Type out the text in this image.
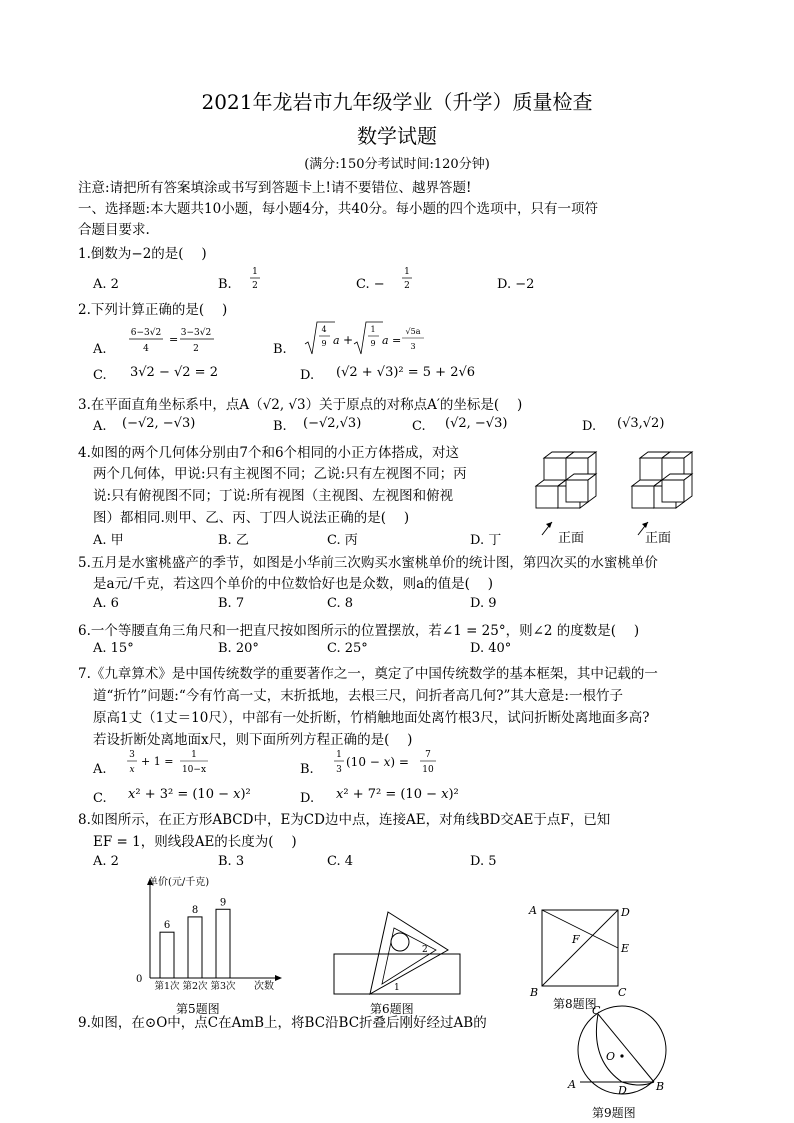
2021年龙岩市九年级学业（升学）质量检查
数学试题
(满分:150分考试时间:120分钟)
注意:请把所有答案填涂或书写到答题卡上!请不要错位、越界答题!
一、选择题:本大题共10小题，每小题4分，共40分。每小题的四个选项中，只有一项符
合题目要求.
1.倒数为−2的是(　 )
A. 2	B.
1
2	C. −
1
2	D. −2
2.下列计算正确的是(　 )
A.
6−3√2
4
= 3−3√2
2	B.
4
9 a +
1
9 a =
√5a
3
C. 3√2 − √2 = 2	D. (√2 + √3)² = 5 + 2√6
3.在平面直角坐标系中，点A（√2, √3）关于原点的对称点A′的坐标是(　 )
A. (−√2, −√3)	B. (−√2,√3)	C. (√2, −√3)	D. (√3,√2)
4.如图的两个几何体分别由7个和6个相同的小正方体搭成，对这
两个几何体，甲说:只有主视图不同；乙说:只有左视图不同；丙
说:只有俯视图不同；丁说:所有视图（主视图、左视图和俯视
图）都相同.则甲、乙、丙、丁四人说法正确的是(　 )
A. 甲	B. 乙	C. 丙	D. 丁	正面	正面
5.五月是水蜜桃盛产的季节，如图是小华前三次购买水蜜桃单价的统计图，第四次买的水蜜桃单价
是a元/千克，若这四个单价的中位数恰好也是众数，则a的值是(　 )
A. 6	B. 7	C. 8	D. 9
6.一个等腰直角三角尺和一把直尺按如图所示的位置摆放，若∠1 = 25°，则∠2 的度数是(　 )
A. 15°	B. 20°	C. 25°	D. 40°
7.《九章算术》是中国传统数学的重要著作之一，奠定了中国传统数学的基本框架，其中记载的一
道“折竹”问题:“今有竹高一丈，末折抵地，去根三尺，问折者高几何?”其大意是:一根竹子
原高1丈（1丈＝10尺），中部有一处折断，竹梢触地面处离竹根3尺，试问折断处离地面多高?
若设折断处离地面x尺，则下面所列方程正确的是(　 )
A.
3
x
+ 1 = 1
10−x	B.
1
3
(10 − x) = 7
10
C. x² + 3² = (10 − x)²	D. x² + 7² = (10 − x)²
8.如图所示，在正方形ABCD中，E为CD边中点，连接AE，对角线BD交AE于点F，已知
EF = 1，则线段AE的长度为(　 )
A. 2	B. 3	C. 4	D. 5
单价(元/千克)
0
次数
6
第1次
8
第2次
9
第3次
第5题图
2
1
第6题图
A	D
E
F
B	C
第8题图
9.如图，在⊙O中，点C在AmB上，将BC沿BC折叠后刚好经过AB的
O
C
A	D	B
第9题图
